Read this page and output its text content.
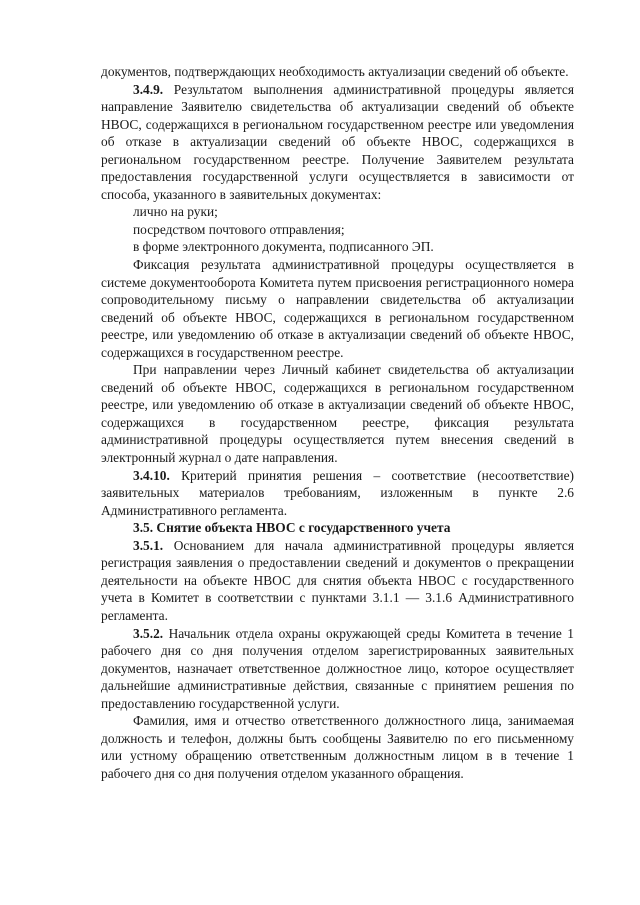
документов, подтверждающих необходимость актуализации сведений об объекте.

3.4.9. Результатом выполнения административной процедуры является направление Заявителю свидетельства об актуализации сведений об объекте НВОС, содержащихся в региональном государственном реестре или уведомления об отказе в актуализации сведений об объекте НВОС, содержащихся в региональном государственном реестре. Получение Заявителем результата предоставления государственной услуги осуществляется в зависимости от способа, указанного в заявительных документах:

лично на руки;

посредством почтового отправления;

в форме электронного документа, подписанного ЭП.

Фиксация результата административной процедуры осуществляется в системе документооборота Комитета путем присвоения регистрационного номера сопроводительному письму о направлении свидетельства об актуализации сведений об объекте НВОС, содержащихся в региональном государственном реестре, или уведомлению об отказе в актуализации сведений об объекте НВОС, содержащихся в государственном реестре.

При направлении через Личный кабинет свидетельства об актуализации сведений об объекте НВОС, содержащихся в региональном государственном реестре, или уведомлению об отказе в актуализации сведений об объекте НВОС, содержащихся в государственном реестре, фиксация результата административной процедуры осуществляется путем внесения сведений в электронный журнал о дате направления.

3.4.10. Критерий принятия решения – соответствие (несоответствие) заявительных материалов требованиям, изложенным в пункте 2.6 Административного регламента.

3.5. Снятие объекта НВОС с государственного учета

3.5.1. Основанием для начала административной процедуры является регистрация заявления о предоставлении сведений и документов о прекращении деятельности на объекте НВОС для снятия объекта НВОС с государственного учета в Комитет в соответствии с пунктами 3.1.1 — 3.1.6 Административного регламента.

3.5.2. Начальник отдела охраны окружающей среды Комитета в течение 1 рабочего дня со дня получения отделом зарегистрированных заявительных документов, назначает ответственное должностное лицо, которое осуществляет дальнейшие административные действия, связанные с принятием решения по предоставлению государственной услуги.

Фамилия, имя и отчество ответственного должностного лица, занимаемая должность и телефон, должны быть сообщены Заявителю по его письменному или устному обращению ответственным должностным лицом в в течение 1 рабочего дня со дня получения отделом указанного обращения.
